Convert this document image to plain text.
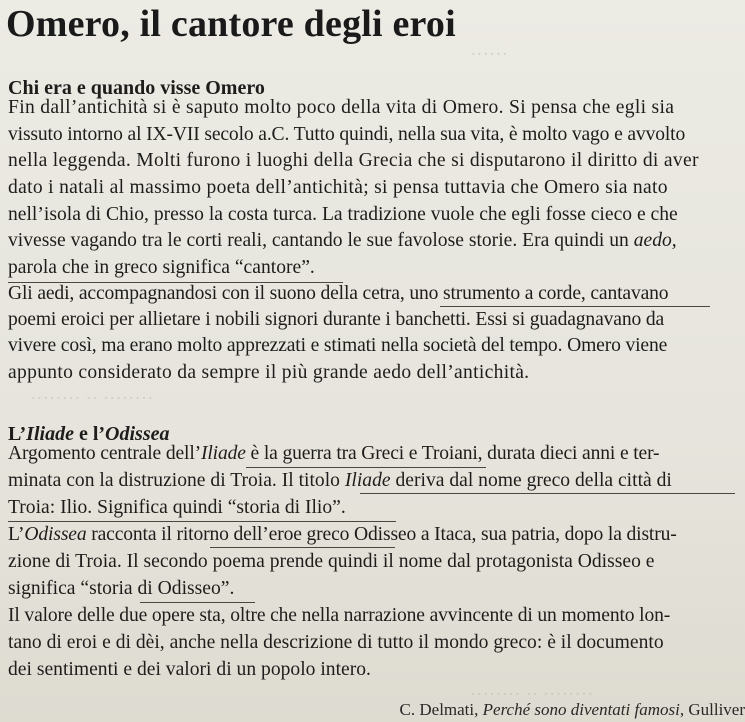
······
Omero, il cantore degli eroi
Chi era e quando visse Omero
Fin dall’antichità si è saputo molto poco della vita di Omero. Si pensa che egli sia
vissuto intorno al IX-VII secolo a.C. Tutto quindi, nella sua vita, è molto vago e avvolto
nella leggenda. Molti furono i luoghi della Grecia che si disputarono il diritto di aver
dato i natali al massimo poeta dell’antichità; si pensa tuttavia che Omero sia nato
nell’isola di Chio, presso la costa turca. La tradizione vuole che egli fosse cieco e che
vivesse vagando tra le corti reali, cantando le sue favolose storie. Era quindi un aedo,
parola che in greco significa “cantore”.
Gli aedi, accompagnandosi con il suono della cetra, uno strumento a corde, cantavano
poemi eroici per allietare i nobili signori durante i banchetti. Essi si guadagnavano da
vivere così, ma erano molto apprezzati e stimati nella società del tempo. Omero viene
appunto considerato da sempre il più grande aedo dell’antichità.
········ ·· ········
L’Iliade e l’Odissea
Argomento centrale dell’Iliade è la guerra tra Greci e Troiani, durata dieci anni e ter-
minata con la distruzione di Troia. Il titolo Iliade deriva dal nome greco della città di
Troia: Ilio. Significa quindi “storia di Ilio”.
L’Odissea racconta il ritorno dell’eroe greco Odisseo a Itaca, sua patria, dopo la distru-
zione di Troia. Il secondo poema prende quindi il nome dal protagonista Odisseo e
significa “storia di Odisseo”.
Il valore delle due opere sta, oltre che nella narrazione avvincente di un momento lon-
tano di eroi e di dèi, anche nella descrizione di tutto il mondo greco: è il documento
dei sentimenti e dei valori di un popolo intero.
········ ·· ········
C. Delmati, Perché sono diventati famosi, Gulliver
